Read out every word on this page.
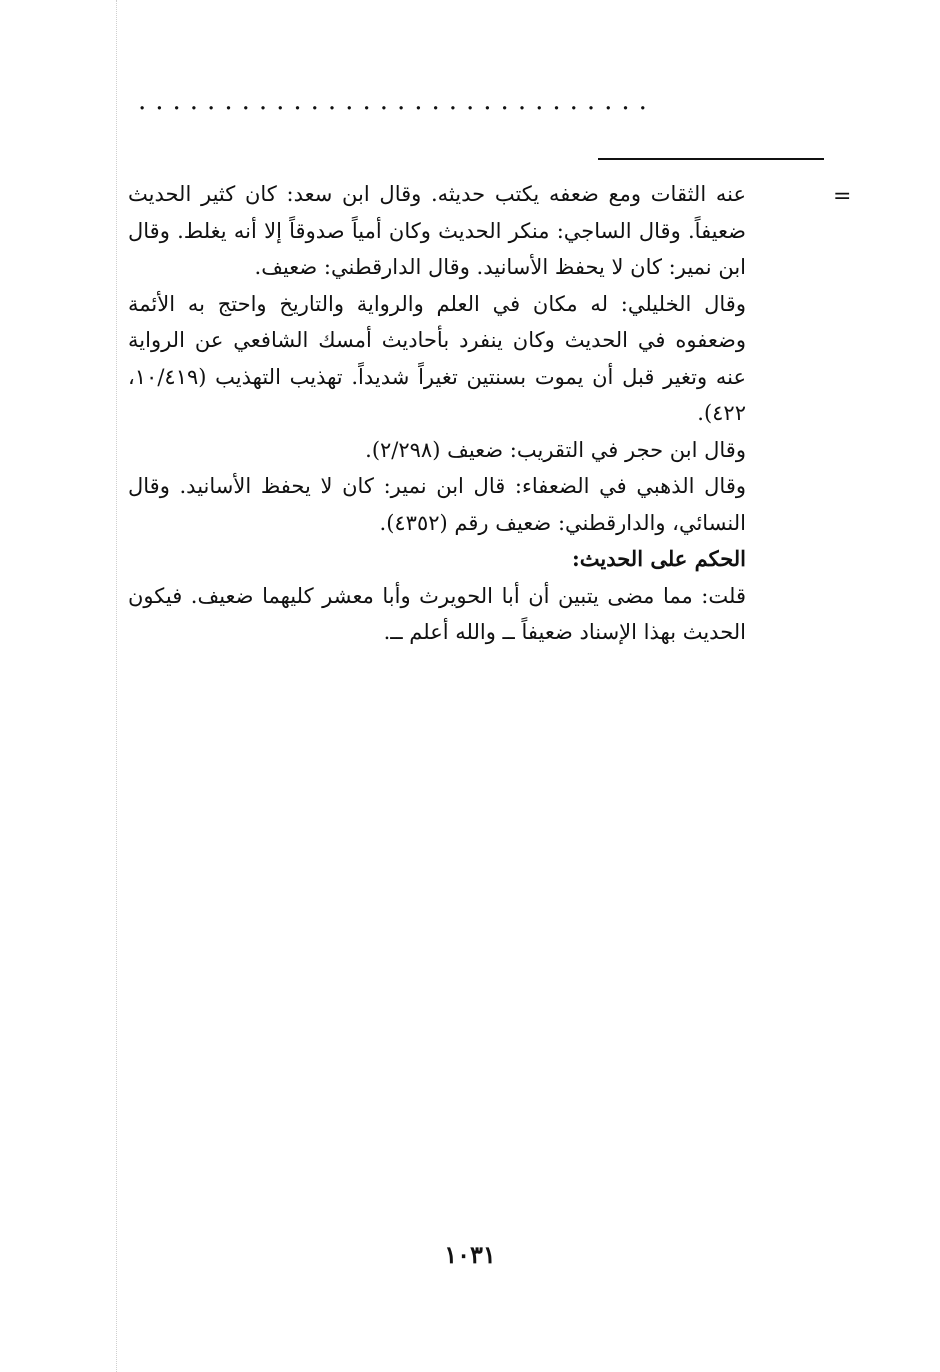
..............................
=

عنه الثقات ومع ضعفه يكتب حديثه. وقال ابن سعد: كان كثير الحديث ضعيفاً. وقال الساجي: منكر الحديث وكان أمياً صدوقاً إلا أنه يغلط. وقال ابن نمير: كان لا يحفظ الأسانيد. وقال الدارقطني: ضعيف.

وقال الخليلي: له مكان في العلم والرواية والتاريخ واحتج به الأئمة وضعفوه في الحديث وكان ينفرد بأحاديث أمسك الشافعي عن الرواية عنه وتغير قبل أن يموت بسنتين تغيراً شديداً. تهذيب التهذيب (١٠/٤١٩، ٤٢٢).

وقال ابن حجر في التقريب: ضعيف (٢/٢٩٨).

وقال الذهبي في الضعفاء: قال ابن نمير: كان لا يحفظ الأسانيد. وقال النسائي، والدارقطني: ضعيف رقم (٤٣٥٢).

الحكم على الحديث:

قلت: مما مضى يتبين أن أبا الحويرث وأبا معشر كليهما ضعيف. فيكون الحديث بهذا الإسناد ضعيفاً ــ والله أعلم ــ.

١٠٣١
